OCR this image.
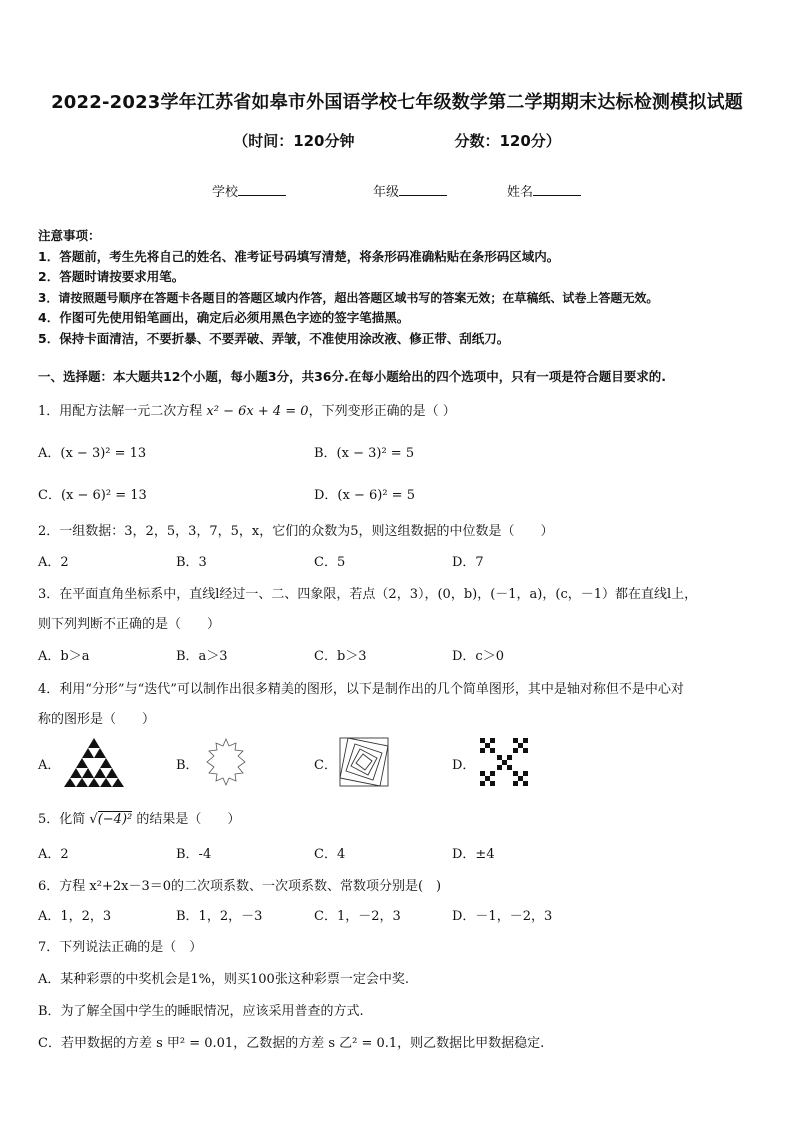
2022-2023学年江苏省如皋市外国语学校七年级数学第二学期期末达标检测模拟试题
（时间：120分钟	分数：120分）
学校	年级	姓名
注意事项：
1．答题前，考生先将自己的姓名、准考证号码填写清楚，将条形码准确粘贴在条形码区域内。
2．答题时请按要求用笔。
3．请按照题号顺序在答题卡各题目的答题区域内作答，超出答题区域书写的答案无效；在草稿纸、试卷上答题无效。
4．作图可先使用铅笔画出，确定后必须用黑色字迹的签字笔描黑。
5．保持卡面清洁，不要折暴、不要弄破、弄皱，不准使用涂改液、修正带、刮纸刀。
一、选择题：本大题共12个小题，每小题3分，共36分.在每小题给出的四个选项中，只有一项是符合题目要求的.
1．用配方法解一元二次方程 x² − 6x + 4 = 0，下列变形正确的是（ ）
A．(x − 3)² = 13	B．(x − 3)² = 5
C．(x − 6)² = 13	D．(x − 6)² = 5
2．一组数据：3，2，5，3，7，5，x，它们的众数为5，则这组数据的中位数是（　　）
A．2	B．3	C．5	D．7
3．在平面直角坐标系中，直线l经过一、二、四象限，若点（2，3），(0，b)，(－1，a)，(c，－1）都在直线l上，
则下列判断不正确的是（　　）
A．b＞a	B．a＞3	C．b＞3	D．c＞0
4．利用“分形”与“迭代”可以制作出很多精美的图形，以下是制作出的几个简单图形，其中是轴对称但不是中心对
称的图形是（　　）
A．	B．	C．	D．
5．化简 √(−4)² 的结果是（　　）
A．2	B．-4	C．4	D．±4
6．方程 x²+2x－3＝0的二次项系数、一次项系数、常数项分别是(　)
A．1，2，3	B．1，2，－3	C．1，－2，3	D．－1，－2，3
7．下列说法正确的是（　）
A．某种彩票的中奖机会是1%，则买100张这种彩票一定会中奖.
B．为了解全国中学生的睡眠情况，应该采用普查的方式.
C．若甲数据的方差 s 甲² = 0.01，乙数据的方差 s 乙² = 0.1，则乙数据比甲数据稳定.
